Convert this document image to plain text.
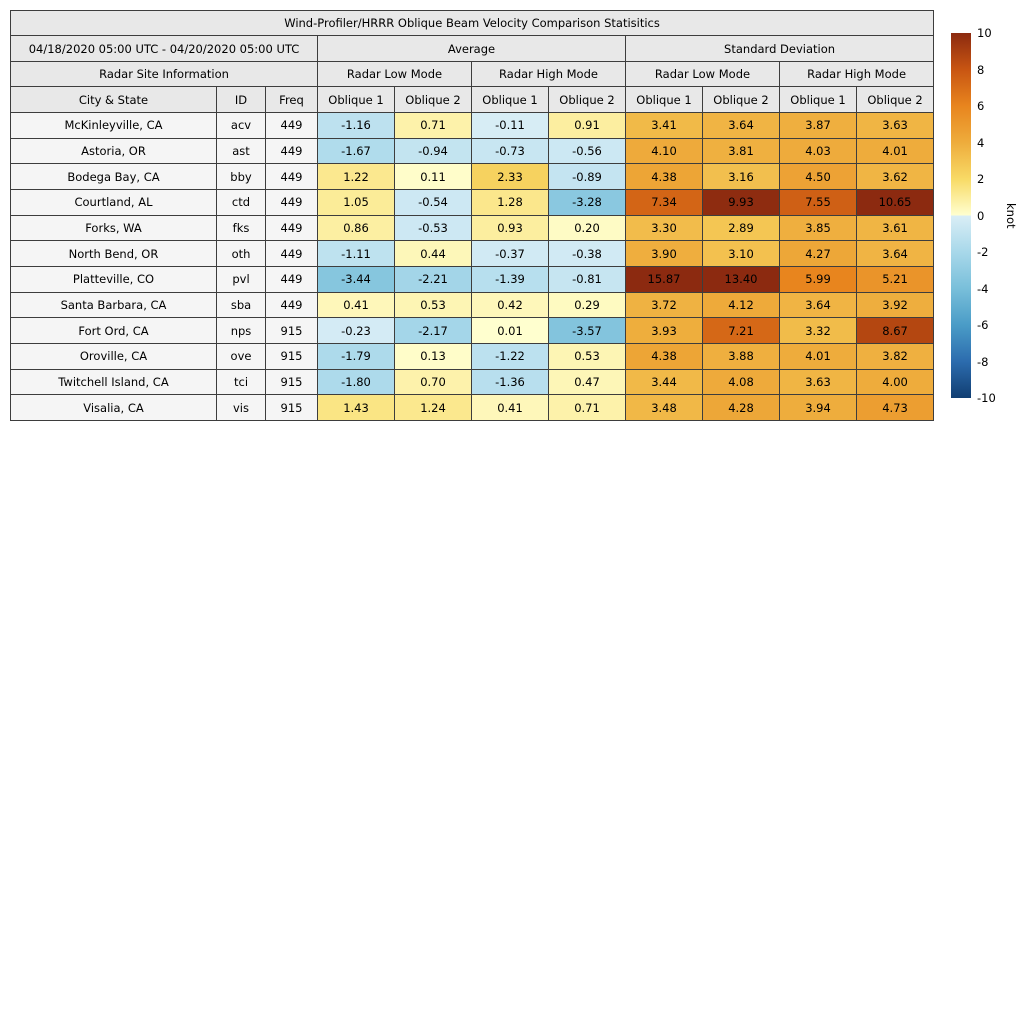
Wind-Profiler/HRRR Oblique Beam Velocity Comparison Statisitics										
04/18/2020 05:00 UTC - 04/20/2020 05:00 UTC			Average				Standard Deviation			
Radar Site Information			Radar Low Mode		Radar High Mode		Radar Low Mode		Radar High Mode	
City & State	ID	Freq	Oblique 1	Oblique 2	Oblique 1	Oblique 2	Oblique 1	Oblique 2	Oblique 1	Oblique 2
McKinleyville, CA	acv	449	-1.16	0.71	-0.11	0.91	3.41	3.64	3.87	3.63
Astoria, OR	ast	449	-1.67	-0.94	-0.73	-0.56	4.10	3.81	4.03	4.01
Bodega Bay, CA	bby	449	1.22	0.11	2.33	-0.89	4.38	3.16	4.50	3.62
Courtland, AL	ctd	449	1.05	-0.54	1.28	-3.28	7.34	9.93	7.55	10.65
Forks, WA	fks	449	0.86	-0.53	0.93	0.20	3.30	2.89	3.85	3.61
North Bend, OR	oth	449	-1.11	0.44	-0.37	-0.38	3.90	3.10	4.27	3.64
Platteville, CO	pvl	449	-3.44	-2.21	-1.39	-0.81	15.87	13.40	5.99	5.21
Santa Barbara, CA	sba	449	0.41	0.53	0.42	0.29	3.72	4.12	3.64	3.92
Fort Ord, CA	nps	915	-0.23	-2.17	0.01	-3.57	3.93	7.21	3.32	8.67
Oroville, CA	ove	915	-1.79	0.13	-1.22	0.53	4.38	3.88	4.01	3.82
Twitchell Island, CA	tci	915	-1.80	0.70	-1.36	0.47	3.44	4.08	3.63	4.00
Visalia, CA	vis	915	1.43	1.24	0.41	0.71	3.48	4.28	3.94	4.73
10
8
6
4
2
0
-2
-4
-6
-8
-10
knot
